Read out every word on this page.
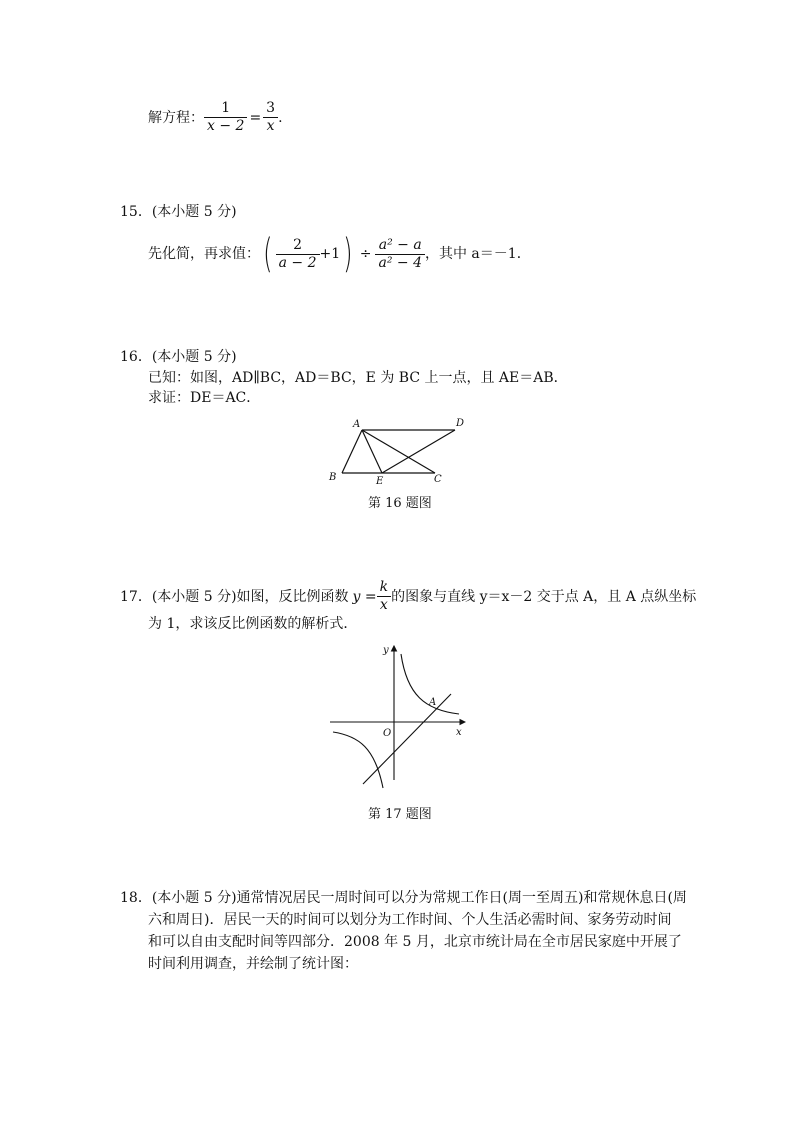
解方程： $\frac{1}{x - 2} = \frac{3}{x}$ .
15．(本小题 5 分)
先化简，再求值： ( $\frac{2}{a - 2} +1$ ) ÷ $\frac{\text{a² − a}}{\text{a² − 4}}$ ，其中 a＝－1．
16．(本小题 5 分)
已知：如图，AD∥BC，AD＝BC，E 为 BC 上一点，且 AE＝AB．
求证：DE＝AC．
A	D
B	E	C
第 16 题图
17．(本小题 5 分)如图，反比例函数 $y = \frac{k}{x}$ 的图象与直线 y＝x－2 交于点 A，且 A 点纵坐标
为 1，求该反比例函数的解析式．
y
x
O
A
第 17 题图
18．(本小题 5 分)通常情况居民一周时间可以分为常规工作日(周一至周五)和常规休息日(周
六和周日)．居民一天的时间可以划分为工作时间、个人生活必需时间、家务劳动时间
和可以自由支配时间等四部分．2008 年 5 月，北京市统计局在全市居民家庭中开展了
时间利用调查，并绘制了统计图：
